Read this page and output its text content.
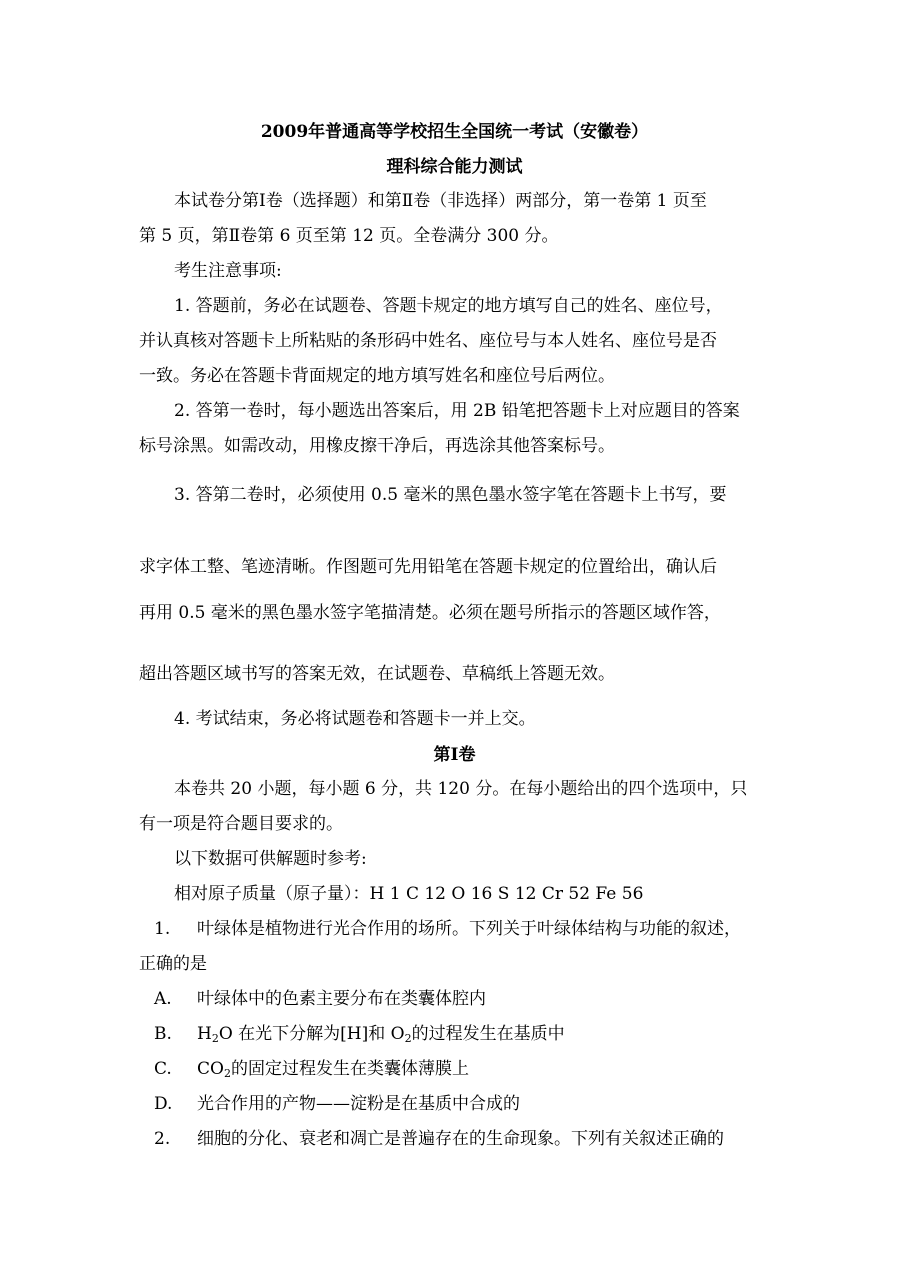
2009年普通高等学校招生全国统一考试（安徽卷）
理科综合能力测试
本试卷分第Ⅰ卷（选择题）和第Ⅱ卷（非选择）两部分，第一卷第 1 页至
第 5 页，第Ⅱ卷第 6 页至第 12 页。全卷满分 300 分。
考生注意事项:
1. 答题前，务必在试题卷、答题卡规定的地方填写自己的姓名、座位号，
并认真核对答题卡上所粘贴的条形码中姓名、座位号与本人姓名、座位号是否
一致。务必在答题卡背面规定的地方填写姓名和座位号后两位。
2. 答第一卷时，每小题选出答案后，用 2B 铅笔把答题卡上对应题目的答案
标号涂黑。如需改动，用橡皮擦干净后，再选涂其他答案标号。
3. 答第二卷时，必须使用 0.5 毫米的黑色墨水签字笔在答题卡上书写，要
求字体工整、笔迹清晰。作图题可先用铅笔在答题卡规定的位置给出，确认后
再用 0.5 毫米的黑色墨水签字笔描清楚。必须在题号所指示的答题区域作答，
超出答题区域书写的答案无效，在试题卷、草稿纸上答题无效。
4. 考试结束，务必将试题卷和答题卡一并上交。
第Ⅰ卷
本卷共 20 小题，每小题 6 分，共 120 分。在每小题给出的四个选项中，只
有一项是符合题目要求的。
以下数据可供解题时参考:
相对原子质量（原子量）：H 1 C 12 O 16 S 12 Cr 52 Fe 56
1. 叶绿体是植物进行光合作用的场所。下列关于叶绿体结构与功能的叙述，
正确的是
A. 叶绿体中的色素主要分布在类囊体腔内
B. $H_2O$ 在光下分解为[H]和 $O_2$的过程发生在基质中
C. $CO_2$的固定过程发生在类囊体薄膜上
D. 光合作用的产物——淀粉是在基质中合成的
2. 细胞的分化、衰老和凋亡是普遍存在的生命现象。下列有关叙述正确的
